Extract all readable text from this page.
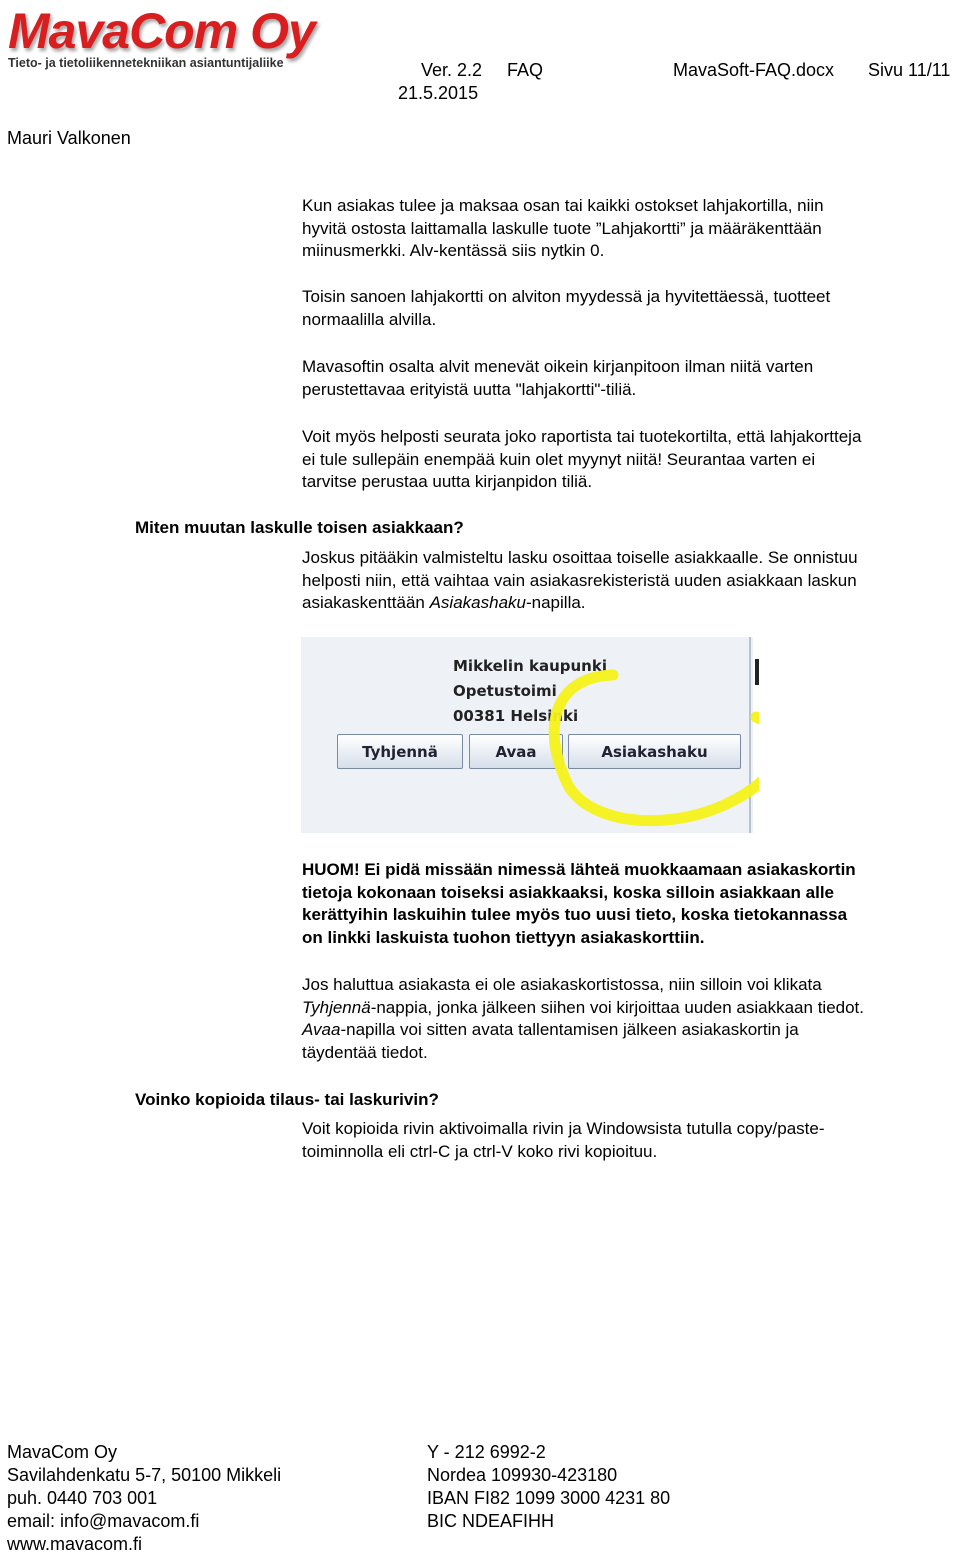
MavaCom Oy
Tieto- ja tietoliikennetekniikan asiantuntijaliike	Ver. 2.2 FAQ	MavaSoft-FAQ.docx Sivu 11/11
21.5.2015
Mauri Valkonen
Kun asiakas tulee ja maksaa osan tai kaikki ostokset lahjakortilla, niin
hyvitä ostosta laittamalla laskulle tuote ”Lahjakortti” ja määräkenttään
miinusmerkki. Alv-kentässä siis nytkin 0.
Toisin sanoen lahjakortti on alviton myydessä ja hyvitettäessä, tuotteet
normaalilla alvilla.
Mavasoftin osalta alvit menevät oikein kirjanpitoon ilman niitä varten
perustettavaa erityistä uutta "lahjakortti"-tiliä.
Voit myös helposti seurata joko raportista tai tuotekortilta, että lahjakortteja
ei tule sullepäin enempää kuin olet myynyt niitä! Seurantaa varten ei
tarvitse perustaa uutta kirjanpidon tiliä.
Miten muutan laskulle toisen asiakkaan?
Joskus pitääkin valmisteltu lasku osoittaa toiselle asiakkaalle. Se onnistuu
helposti niin, että vaihtaa vain asiakasrekisteristä uuden asiakkaan laskun
asiakaskenttään Asiakashaku-napilla.
Mikkelin kaupunki
Opetustoimi
00381 Helsinki
Tyhjennä	Avaa	Asiakashaku
HUOM! Ei pidä missään nimessä lähteä muokkaamaan asiakaskortin
tietoja kokonaan toiseksi asiakkaaksi, koska silloin asiakkaan alle
kerättyihin laskuihin tulee myös tuo uusi tieto, koska tietokannassa
on linkki laskuista tuohon tiettyyn asiakaskorttiin.
Jos haluttua asiakasta ei ole asiakaskortistossa, niin silloin voi klikata
Tyhjennä-nappia, jonka jälkeen siihen voi kirjoittaa uuden asiakkaan tiedot.
Avaa-napilla voi sitten avata tallentamisen jälkeen asiakaskortin ja
täydentää tiedot.
Voinko kopioida tilaus- tai laskurivin?
Voit kopioida rivin aktivoimalla rivin ja Windowsista tutulla copy/paste-
toiminnolla eli ctrl-C ja ctrl-V koko rivi kopioituu.
MavaCom Oy
Savilahdenkatu 5-7, 50100 Mikkeli
puh. 0440 703 001
email: info@mavacom.fi
www.mavacom.fi
Y - 212 6992-2
Nordea 109930-423180
IBAN FI82 1099 3000 4231 80
BIC NDEAFIHH
